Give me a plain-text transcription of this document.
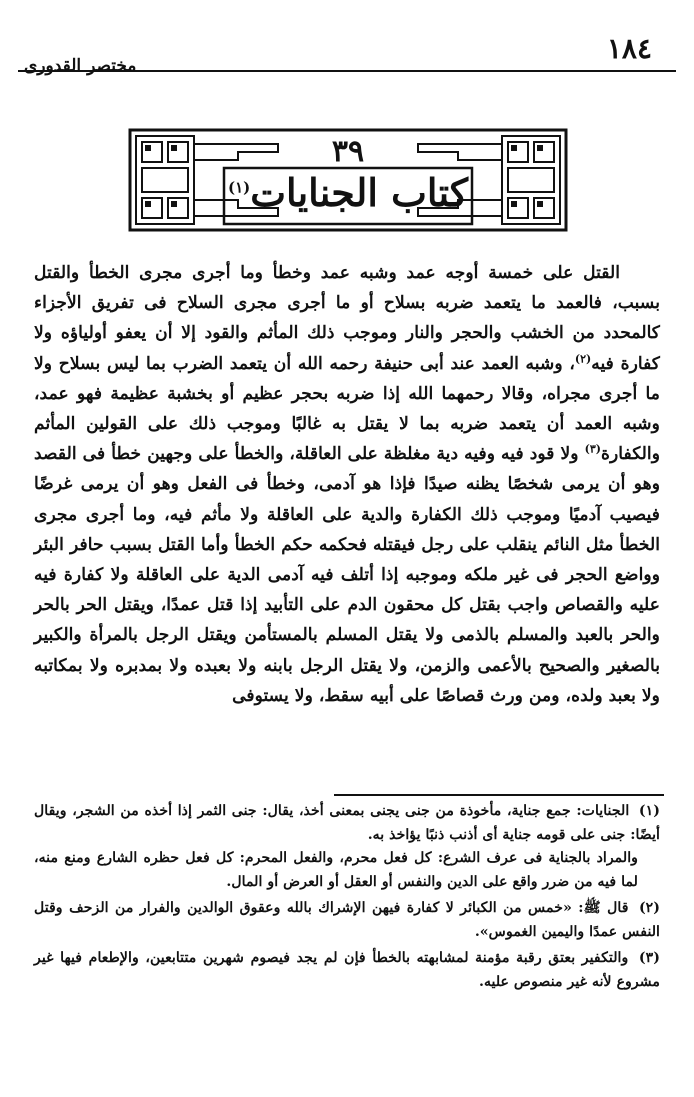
١٨٤
مختصر القدورى
٣٩
كتاب الجنايات$^{(١)}$

القتل على خمسة أوجه عمد وشبه عمد وخطأ وما أجرى مجرى الخطأ والقتل بسبب، فالعمد ما يتعمد ضربه بسلاح أو ما أجرى مجرى السلاح فى تفريق الأجزاء كالمحدد من الخشب والحجر والنار وموجب ذلك المأثم والقود إلا أن يعفو أولياؤه ولا كفارة فيه$^{(٢)}$، وشبه العمد عند أبى حنيفة رحمه الله أن يتعمد الضرب بما ليس بسلاح ولا ما أجرى مجراه، وقالا رحمهما الله إذا ضربه بحجر عظيم أو بخشبة عظيمة فهو عمد، وشبه العمد أن يتعمد ضربه بما لا يقتل به غالبًا وموجب ذلك على القولين المأثم والكفارة$^{(٣)}$ ولا قود فيه وفيه دية مغلظة على العاقلة، والخطأ على وجهين خطأ فى القصد وهو أن يرمى شخصًا يظنه صيدًا فإذا هو آدمى، وخطأ فى الفعل وهو أن يرمى غرضًا فيصيب آدميًا وموجب ذلك الكفارة والدية على العاقلة ولا مأثم فيه، وما أجرى مجرى الخطأ مثل النائم ينقلب على رجل فيقتله فحكمه حكم الخطأ وأما القتل بسبب حافر البئر وواضع الحجر فى غير ملكه وموجبه إذا أتلف فيه آدمى الدية على العاقلة ولا كفارة فيه عليه والقصاص واجب بقتل كل محقون الدم على التأبيد إذا قتل عمدًا، ويقتل الحر بالحر والحر بالعبد والمسلم بالذمى ولا يقتل المسلم بالمستأمن ويقتل الرجل بالمرأة والكبير بالصغير والصحيح بالأعمى والزمن، ولا يقتل الرجل بابنه ولا بعبده ولا بمدبره ولا بمكاتبه ولا بعبد ولده، ومن ورث قصاصًا على أبيه سقط، ولا يستوفى

(١) الجنايات: جمع جناية، مأخوذة من جنى يجنى بمعنى أخذ، يقال: جنى الثمر إذا أخذه من الشجر، ويقال أيضًا: جنى على قومه جناية أى أذنب ذنبًا يؤاخذ به.
والمراد بالجناية فى عرف الشرع: كل فعل محرم، والفعل المحرم: كل فعل حظره الشارع ومنع منه، لما فيه من ضرر واقع على الدين والنفس أو العقل أو العرض أو المال.
(٢) قال ﷺ: «خمس من الكبائر لا كفارة فيهن الإشراك بالله وعقوق الوالدين والفرار من الزحف وقتل النفس عمدًا واليمين الغموس».
(٣) والتكفير بعتق رقبة مؤمنة لمشابهته بالخطأ فإن لم يجد فيصوم شهرين متتابعين، والإطعام فيها غير مشروع لأنه غير منصوص عليه.
